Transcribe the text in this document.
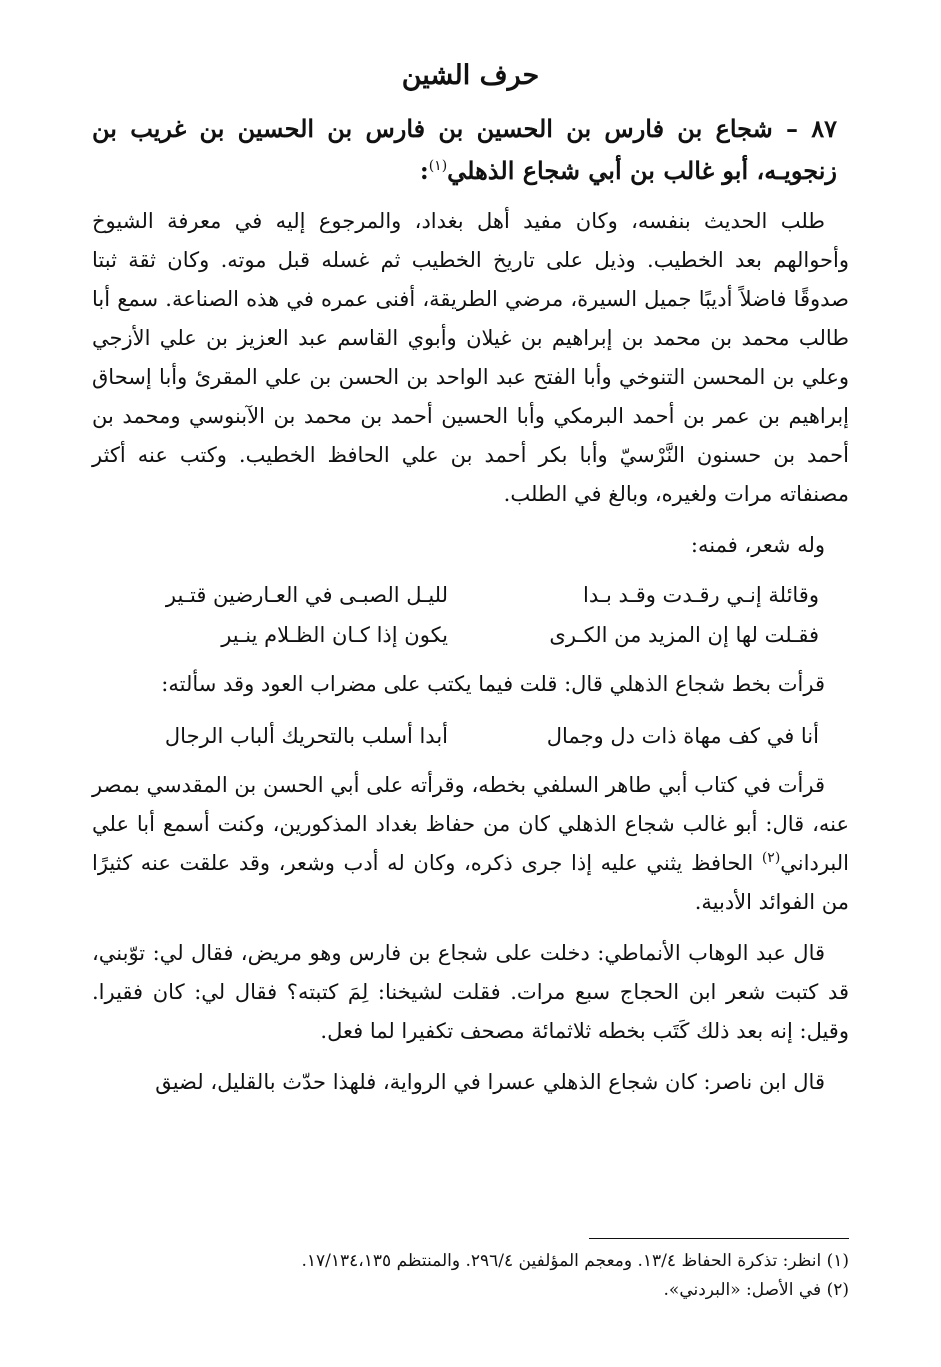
حرف الشين
٨٧ – شجاع بن فارس بن الحسين بن فارس بن الحسين بن غريب بن زنجويـه، أبو غالب بن أبي شجاع الذهلي$^{(١)}$:

طلب الحديث بنفسه، وكان مفيد أهل بغداد، والمرجوع إليه في معرفة الشيوخ وأحوالهم بعد الخطيب. وذيل على تاريخ الخطيب ثم غسله قبل موته. وكان ثقة ثبتا صدوقًا فاضلاً أديبًا جميل السيرة، مرضي الطريقة، أفنى عمره في هذه الصناعة. سمع أبا طالب محمد بن محمد بن إبراهيم بن غيلان وأبوي القاسم عبد العزيز بن علي الأزجي وعلي بن المحسن التنوخي وأبا الفتح عبد الواحد بن الحسن بن علي المقرئ وأبا إسحاق إبراهيم بن عمر بن أحمد البرمكي وأبا الحسين أحمد بن محمد بن الآبنوسي ومحمد بن أحمد بن حسنون النَّرْسيّ وأبا بكر أحمد بن علي الحافظ الخطيب. وكتب عنه أكثر مصنفاته مرات ولغيره، وبالغ في الطلب.

وله شعر، فمنه:

وقائلة إنـي رقـدت وقـد بـدا
لليـل الصبـى في العـارضين قتـير
فقـلت لها إن المزيد من الكـرى
يكون إذا كـان الظـلام ينـير

قرأت بخط شجاع الذهلي قال: قلت فيما يكتب على مضراب العود وقد سألته:

أنا في كف مهاة ذات دل وجمال
أبدا أسلب بالتحريك ألباب الرجال

قرأت في كتاب أبي طاهر السلفي بخطه، وقرأته على أبي الحسن بن المقدسي بمصر عنه، قال: أبو غالب شجاع الذهلي كان من حفاظ بغداد المذكورين، وكنت أسمع أبا علي البرداني$^{(٢)}$ الحافظ يثني عليه إذا جرى ذكره، وكان له أدب وشعر، وقد علقت عنه كثيرًا من الفوائد الأدبية.

قال عبد الوهاب الأنماطي: دخلت على شجاع بن فارس وهو مريض، فقال لي: توّبني، قد كتبت شعر ابن الحجاج سبع مرات. فقلت لشيخنا: لِمَ كتبته؟ فقال لي: كان فقيرا. وقيل: إنه بعد ذلك كَتَب بخطه ثلاثمائة مصحف تكفيرا لما فعل.

قال ابن ناصر: كان شجاع الذهلي عسرا في الرواية، فلهذا حدّث بالقليل، لضيق

(١) انظر: تذكرة الحفاظ ١٣/٤. ومعجم المؤلفين ٢٩٦/٤. والمنتظم ١٧/١٣٤،١٣٥.

(٢) في الأصل: «البردني».
